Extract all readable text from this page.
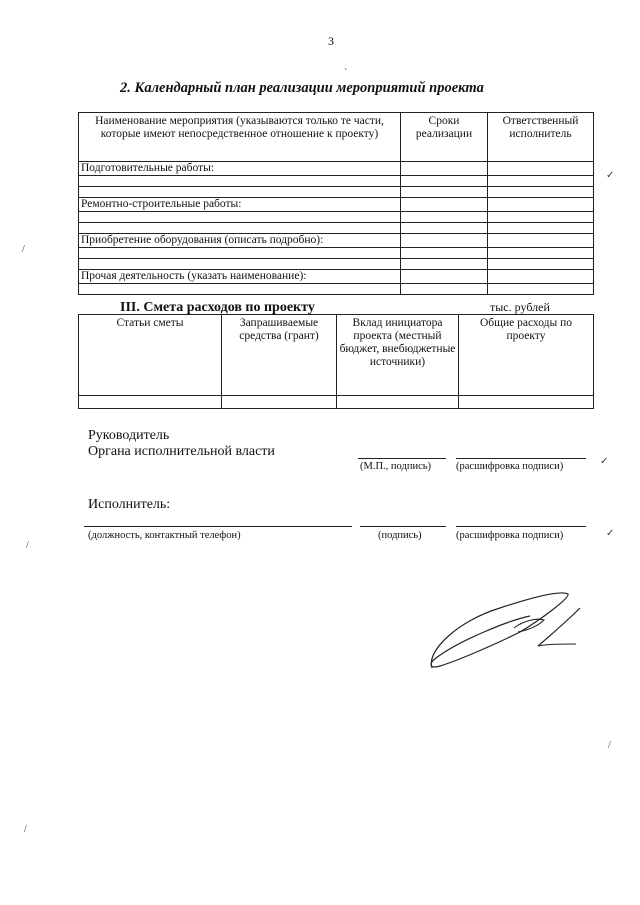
3
`
2. Календарный план реализации мероприятий проекта
Наименование мероприятия (указываются только те части, которые имеют непосредственное отношение к проекту)	Сроки реализации	Ответственный исполнитель
Подготовительные работы:		

Ремонтно-строительные работы:		

Приобретение оборудования (описать подробно):		

Прочая деятельность (указать наименование):		

III. Смета расходов по проекту	тыс. рублей
Статьи сметы	Запрашиваемые средства (грант)	Вклад инициатора проекта (местный бюджет, внебюджетные источники)	Общие расходы по проекту

Руководитель
Органа исполнительной власти
(М.П., подпись) (расшифровка подписи)
Исполнитель:
(должность, контактный телефон)	(подпись)	(расшифровка подписи)
✓
/
✓
/
✓
/
/
